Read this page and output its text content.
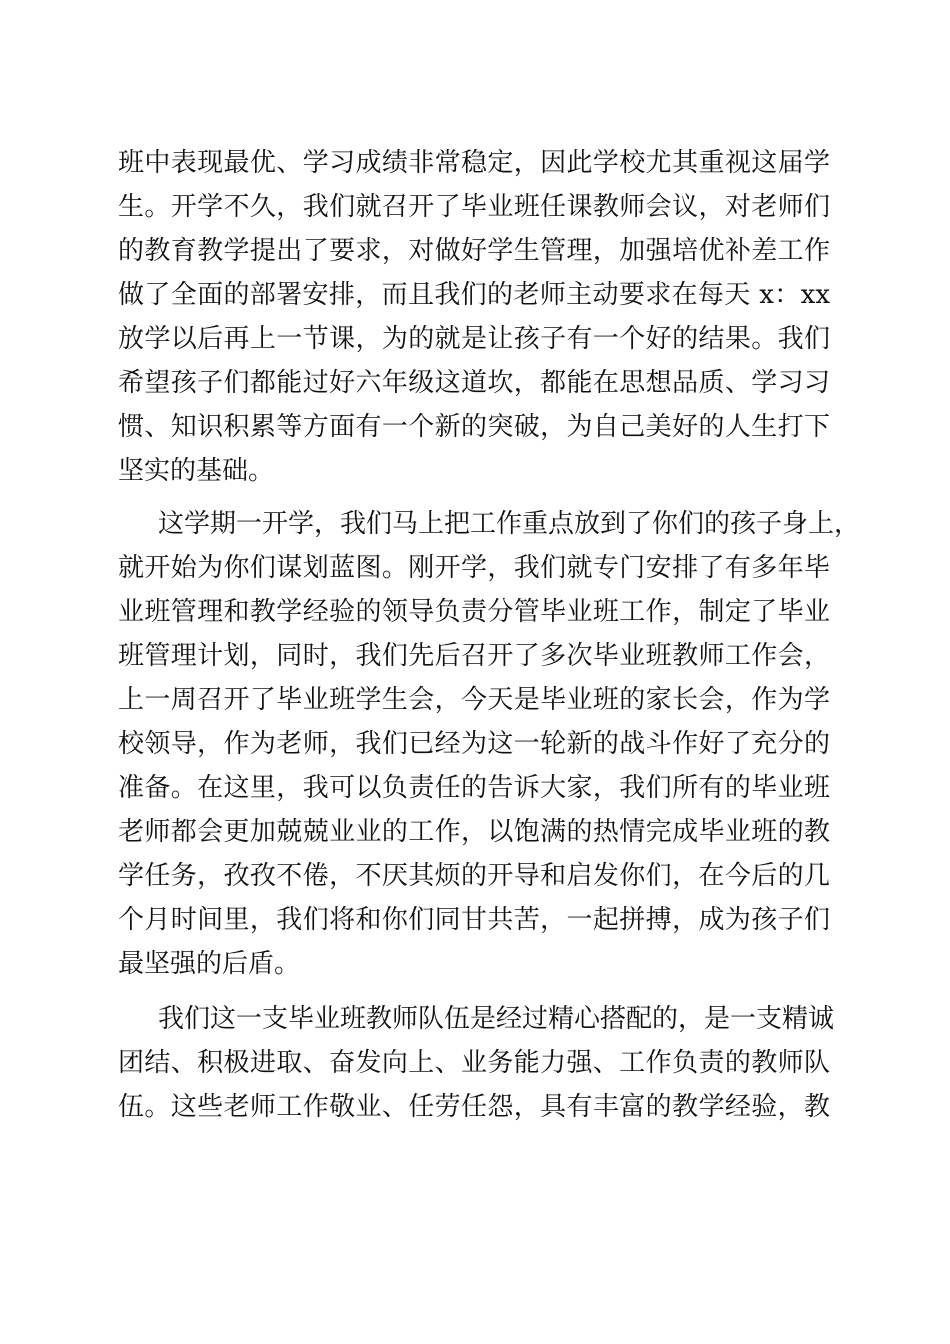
班中表现最优、学习成绩非常稳定，因此学校尤其重视这届学
生。开学不久，我们就召开了毕业班任课教师会议，对老师们
的教育教学提出了要求，对做好学生管理，加强培优补差工作
做了全面的部署安排，而且我们的老师主动要求在每天 x：xx
放学以后再上一节课，为的就是让孩子有一个好的结果。我们
希望孩子们都能过好六年级这道坎，都能在思想品质、学习习
惯、知识积累等方面有一个新的突破，为自己美好的人生打下
坚实的基础。
这学期一开学，我们马上把工作重点放到了你们的孩子身上，
就开始为你们谋划蓝图。刚开学，我们就专门安排了有多年毕
业班管理和教学经验的领导负责分管毕业班工作，制定了毕业
班管理计划，同时，我们先后召开了多次毕业班教师工作会，
上一周召开了毕业班学生会，今天是毕业班的家长会，作为学
校领导，作为老师，我们已经为这一轮新的战斗作好了充分的
准备。在这里，我可以负责任的告诉大家，我们所有的毕业班
老师都会更加兢兢业业的工作，以饱满的热情完成毕业班的教
学任务，孜孜不倦，不厌其烦的开导和启发你们，在今后的几
个月时间里，我们将和你们同甘共苦，一起拼搏，成为孩子们
最坚强的后盾。
我们这一支毕业班教师队伍是经过精心搭配的，是一支精诚
团结、积极进取、奋发向上、业务能力强、工作负责的教师队
伍。这些老师工作敬业、任劳任怨，具有丰富的教学经验，教
